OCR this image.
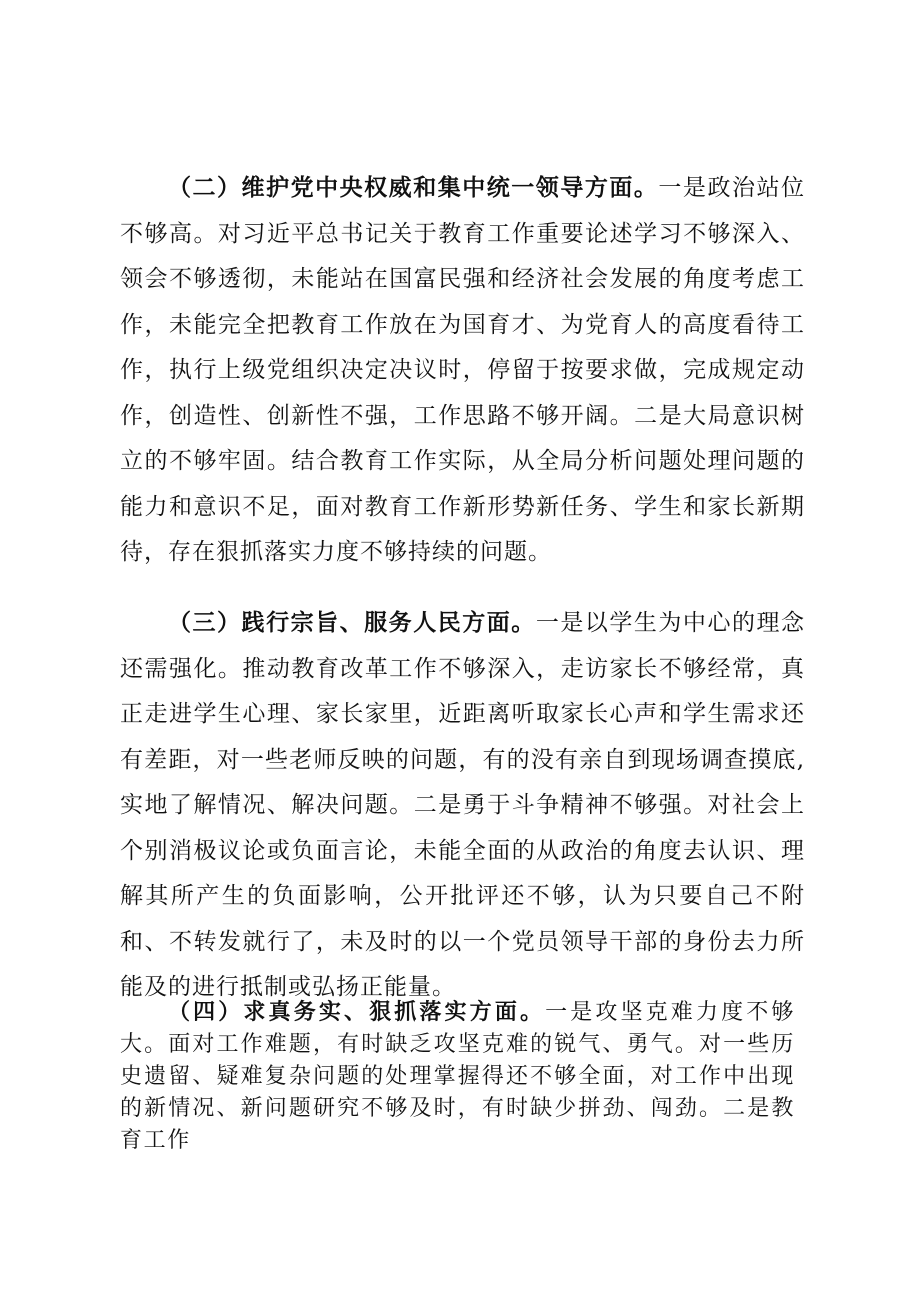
（二）维护党中央权威和集中统一领导方面。一是政治站位不够高。对习近平总书记关于教育工作重要论述学习不够深入、领会不够透彻，未能站在国富民强和经济社会发展的角度考虑工作，未能完全把教育工作放在为国育才、为党育人的高度看待工作，执行上级党组织决定决议时，停留于按要求做，完成规定动作，创造性、创新性不强，工作思路不够开阔。二是大局意识树立的不够牢固。结合教育工作实际，从全局分析问题处理问题的能力和意识不足，面对教育工作新形势新任务、学生和家长新期待，存在狠抓落实力度不够持续的问题。

（三）践行宗旨、服务人民方面。一是以学生为中心的理念还需强化。推动教育改革工作不够深入，走访家长不够经常，真正走进学生心理、家长家里，近距离听取家长心声和学生需求还有差距，对一些老师反映的问题，有的没有亲自到现场调查摸底,实地了解情况、解决问题。二是勇于斗争精神不够强。对社会上个别消极议论或负面言论，未能全面的从政治的角度去认识、理解其所产生的负面影响，公开批评还不够，认为只要自己不附和、不转发就行了，未及时的以一个党员领导干部的身份去力所能及的进行抵制或弘扬正能量。

（四）求真务实、狠抓落实方面。一是攻坚克难力度不够大。面对工作难题，有时缺乏攻坚克难的锐气、勇气。对一些历史遗留、疑难复杂问题的处理掌握得还不够全面，对工作中出现的新情况、新问题研究不够及时，有时缺少拼劲、闯劲。二是教育工作
